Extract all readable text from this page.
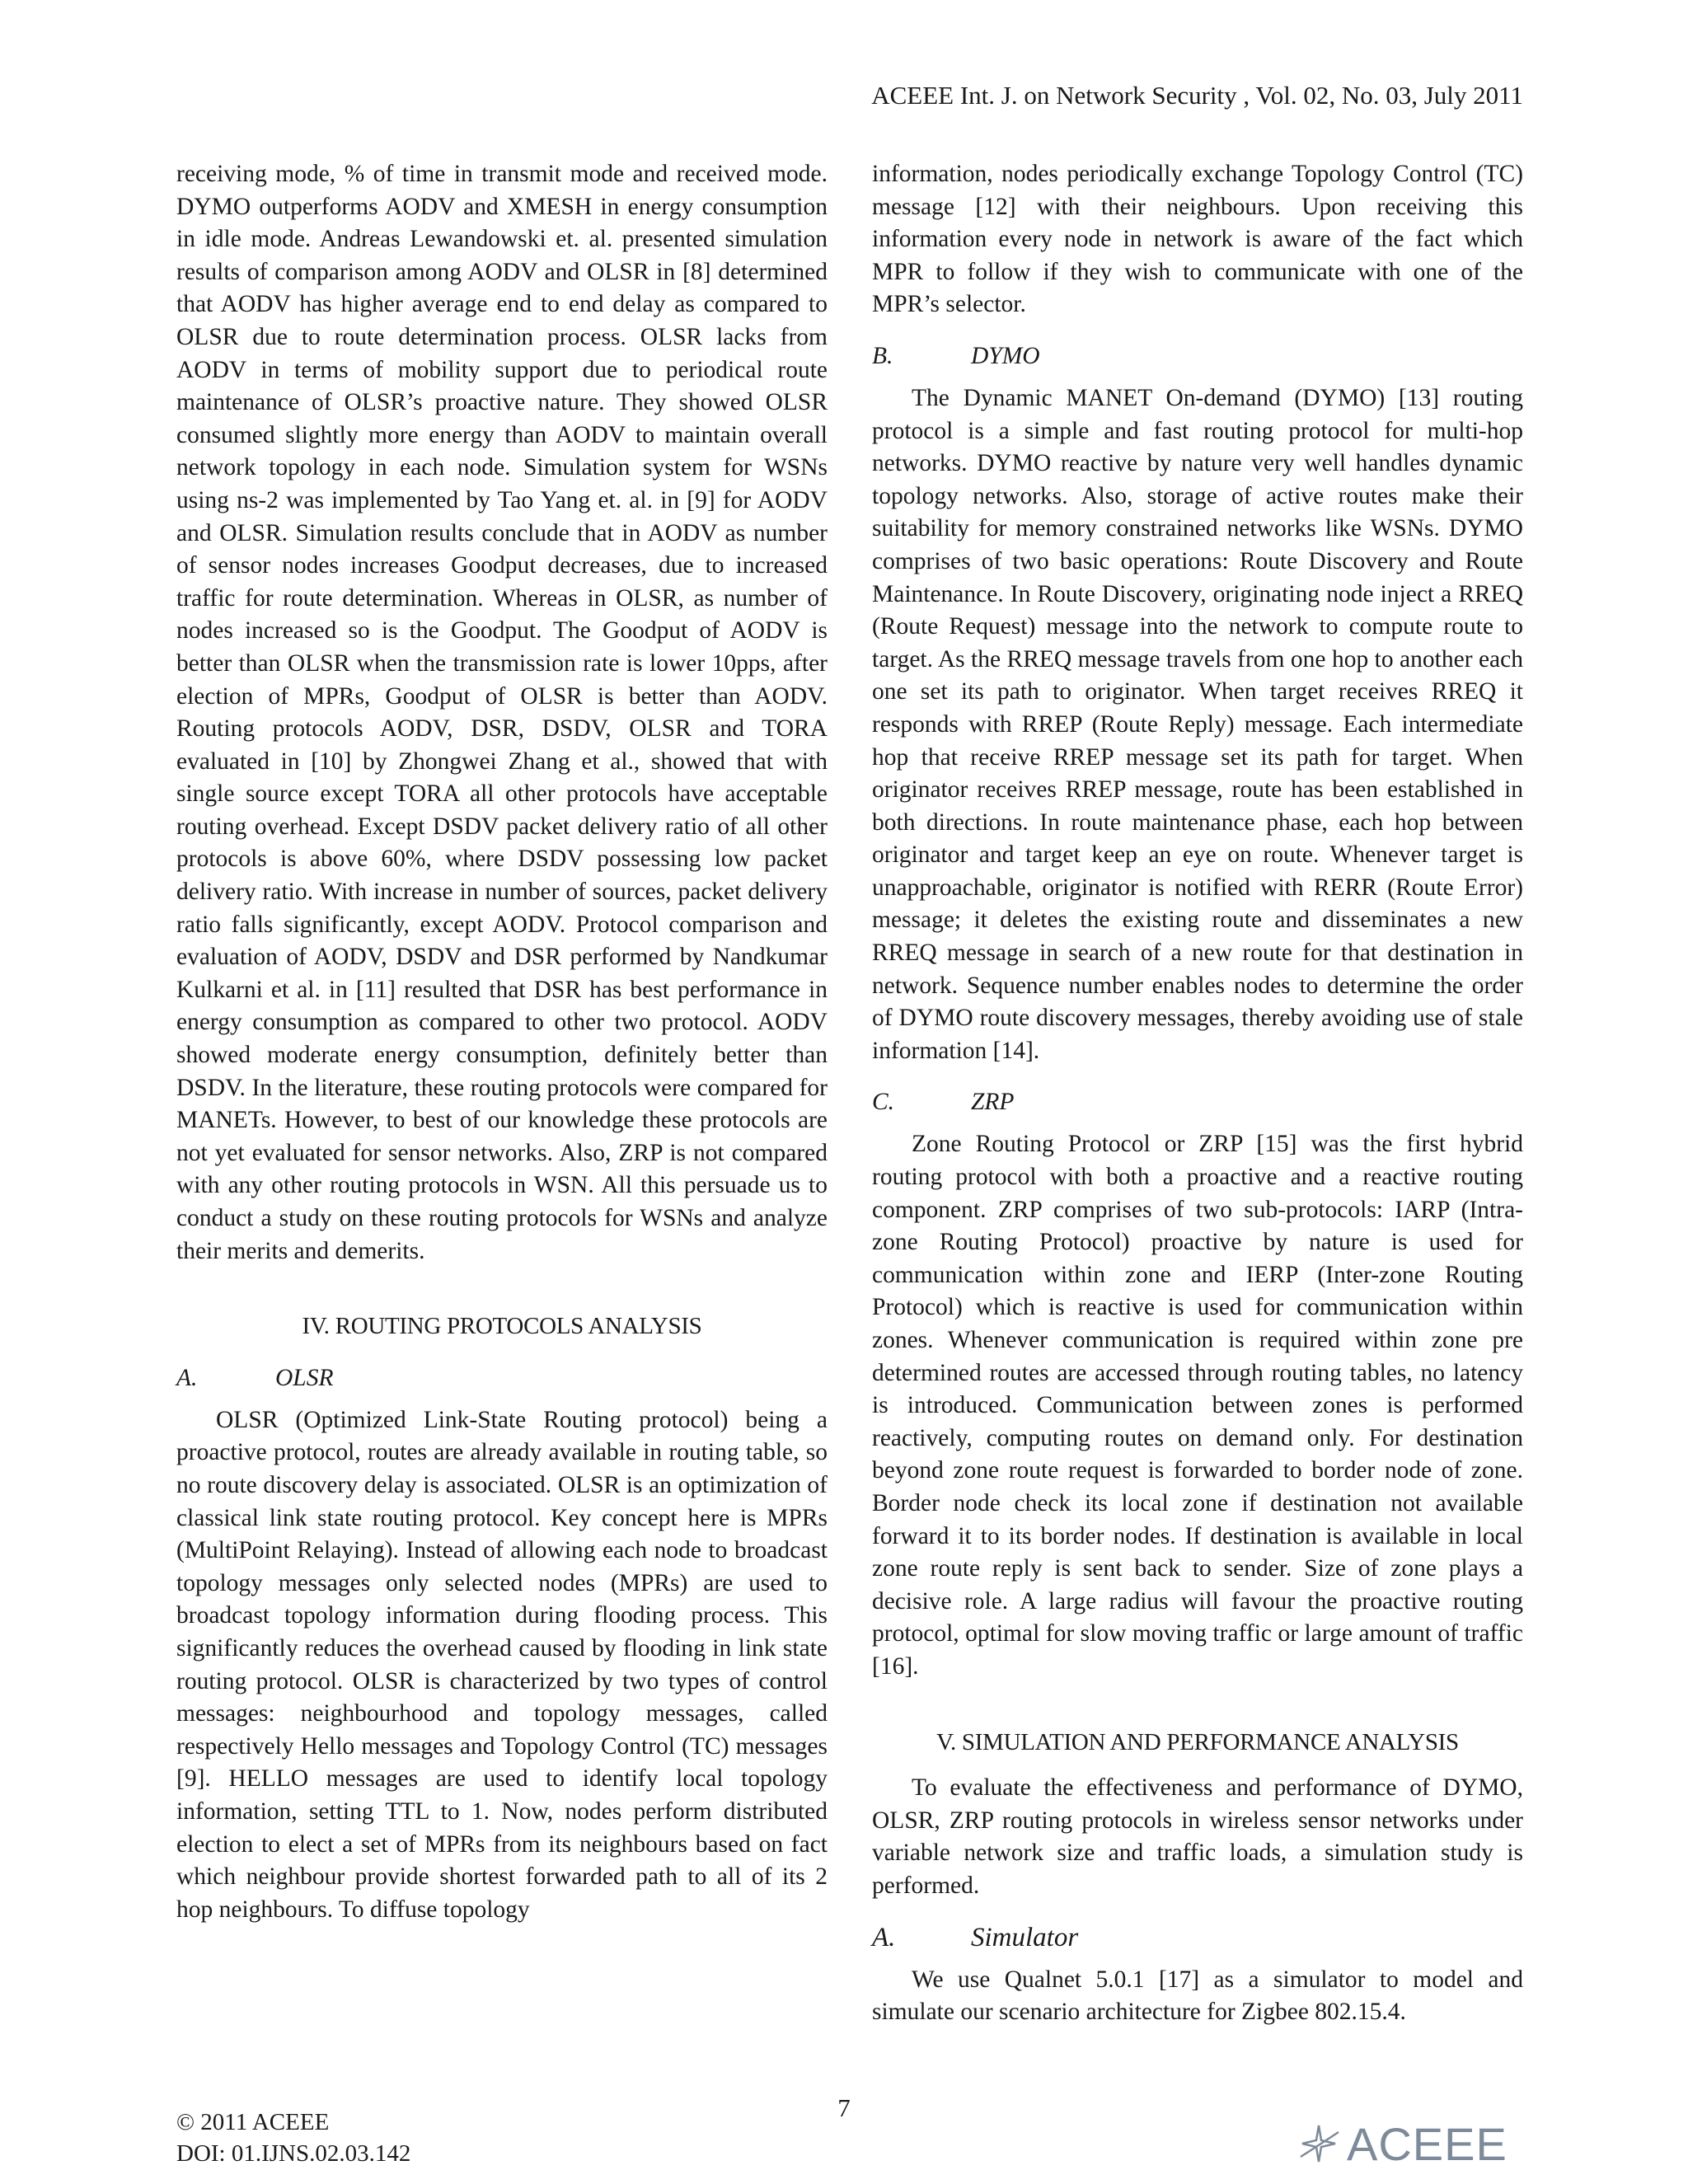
ACEEE Int. J. on Network Security , Vol. 02, No. 03, July 2011

receiving mode, % of time in transmit mode and received mode. DYMO outperforms AODV and XMESH in energy consumption in idle mode. Andreas Lewandowski et. al. presented simulation results of comparison among AODV and OLSR in [8] determined that AODV has higher average end to end delay as compared to OLSR due to route determination process. OLSR lacks from AODV in terms of mobility support due to periodical route maintenance of OLSR’s proactive nature. They showed OLSR consumed slightly more energy than AODV to maintain overall network topology in each node. Simulation system for WSNs using ns-2 was implemented by Tao Yang et. al. in [9] for AODV and OLSR. Simulation results conclude that in AODV as number of sensor nodes increases Goodput decreases, due to increased traffic for route determination. Whereas in OLSR, as number of nodes increased so is the Goodput. The Goodput of AODV is better than OLSR when the transmission rate is lower 10pps, after election of MPRs, Goodput of OLSR is better than AODV. Routing protocols AODV, DSR, DSDV, OLSR and TORA evaluated in [10] by Zhongwei Zhang et al., showed that with single source except TORA all other protocols have acceptable routing overhead. Except DSDV packet delivery ratio of all other protocols is above 60%, where DSDV possessing low packet delivery ratio. With increase in number of sources, packet delivery ratio falls significantly, except AODV. Protocol comparison and evaluation of AODV, DSDV and DSR performed by Nandkumar Kulkarni et al. in [11] resulted that DSR has best performance in energy consumption as compared to other two protocol. AODV showed moderate energy consumption, definitely better than DSDV. In the literature, these routing protocols were compared for MANETs. However, to best of our knowledge these protocols are not yet evaluated for sensor networks. Also, ZRP is not compared with any other routing protocols in WSN. All this persuade us to conduct a study on these routing protocols for WSNs and analyze their merits and demerits.

IV. ROUTING PROTOCOLS ANALYSIS
A.	OLSR

OLSR (Optimized Link-State Routing protocol) being a proactive protocol, routes are already available in routing table, so no route discovery delay is associated. OLSR is an optimization of classical link state routing protocol. Key concept here is MPRs (MultiPoint Relaying). Instead of allowing each node to broadcast topology messages only selected nodes (MPRs) are used to broadcast topology information during flooding process. This significantly reduces the overhead caused by flooding in link state routing protocol. OLSR is characterized by two types of control messages: neighbourhood and topology messages, called respectively Hello messages and Topology Control (TC) messages [9]. HELLO messages are used to identify local topology information, setting TTL to 1. Now, nodes perform distributed election to elect a set of MPRs from its neighbours based on fact which neighbour provide shortest forwarded path to all of its 2 hop neighbours. To diffuse topology

information, nodes periodically exchange Topology Control (TC) message [12] with their neighbours. Upon receiving this information every node in network is aware of the fact which MPR to follow if they wish to communicate with one of the MPR’s selector.

B.	DYMO

The Dynamic MANET On-demand (DYMO) [13] routing protocol is a simple and fast routing protocol for multi-hop networks. DYMO reactive by nature very well handles dynamic topology networks. Also, storage of active routes make their suitability for memory constrained networks like WSNs. DYMO comprises of two basic operations: Route Discovery and Route Maintenance. In Route Discovery, originating node inject a RREQ (Route Request) message into the network to compute route to target. As the RREQ message travels from one hop to another each one set its path to originator. When target receives RREQ it responds with RREP (Route Reply) message. Each intermediate hop that receive RREP message set its path for target. When originator receives RREP message, route has been established in both directions. In route maintenance phase, each hop between originator and target keep an eye on route. Whenever target is unapproachable, originator is notified with RERR (Route Error) message; it deletes the existing route and disseminates a new RREQ message in search of a new route for that destination in network. Sequence number enables nodes to determine the order of DYMO route discovery messages, thereby avoiding use of stale information [14].

C.	ZRP

Zone Routing Protocol or ZRP [15] was the first hybrid routing protocol with both a proactive and a reactive routing component. ZRP comprises of two sub-protocols: IARP (Intra-zone Routing Protocol) proactive by nature is used for communication within zone and IERP (Inter-zone Routing Protocol) which is reactive is used for communication within zones. Whenever communication is required within zone pre determined routes are accessed through routing tables, no latency is introduced. Communication between zones is performed reactively, computing routes on demand only. For destination beyond zone route request is forwarded to border node of zone. Border node check its local zone if destination not available forward it to its border nodes. If destination is available in local zone route reply is sent back to sender. Size of zone plays a decisive role. A large radius will favour the proactive routing protocol, optimal for slow moving traffic or large amount of traffic [16].

V. SIMULATION AND PERFORMANCE ANALYSIS

To evaluate the effectiveness and performance of DYMO, OLSR, ZRP routing protocols in wireless sensor networks under variable network size and traffic loads, a simulation study is performed.

A.	Simulator

We use Qualnet 5.0.1 [17] as a simulator to model and simulate our scenario architecture for Zigbee 802.15.4.

7
© 2011 ACEEE
DOI: 01.IJNS.02.03.142	ACEEE
